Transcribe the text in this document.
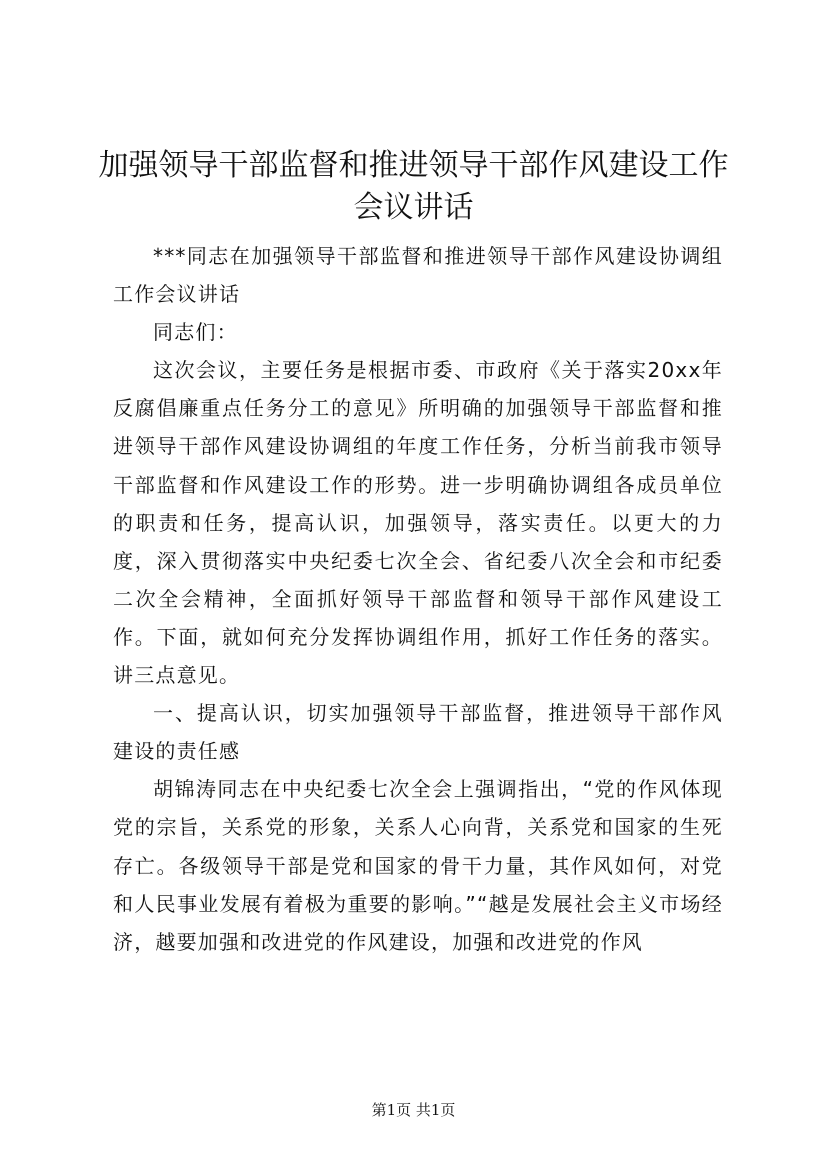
加强领导干部监督和推进领导干部作风建设工作会议讲话

***同志在加强领导干部监督和推进领导干部作风建设协调组工作会议讲话

同志们：

这次会议，主要任务是根据市委、市政府《关于落实20xx年反腐倡廉重点任务分工的意见》所明确的加强领导干部监督和推进领导干部作风建设协调组的年度工作任务，分析当前我市领导干部监督和作风建设工作的形势。进一步明确协调组各成员单位的职责和任务，提高认识，加强领导，落实责任。以更大的力度，深入贯彻落实中央纪委七次全会、省纪委八次全会和市纪委二次全会精神，全面抓好领导干部监督和领导干部作风建设工作。下面，就如何充分发挥协调组作用，抓好工作任务的落实。讲三点意见。

一、提高认识，切实加强领导干部监督，推进领导干部作风建设的责任感

胡锦涛同志在中央纪委七次全会上强调指出，“党的作风体现党的宗旨，关系党的形象，关系人心向背，关系党和国家的生死存亡。各级领导干部是党和国家的骨干力量，其作风如何，对党和人民事业发展有着极为重要的影响。”“越是发展社会主义市场经济，越要加强和改进党的作风建设，加强和改进党的作风

第1页 共1页
